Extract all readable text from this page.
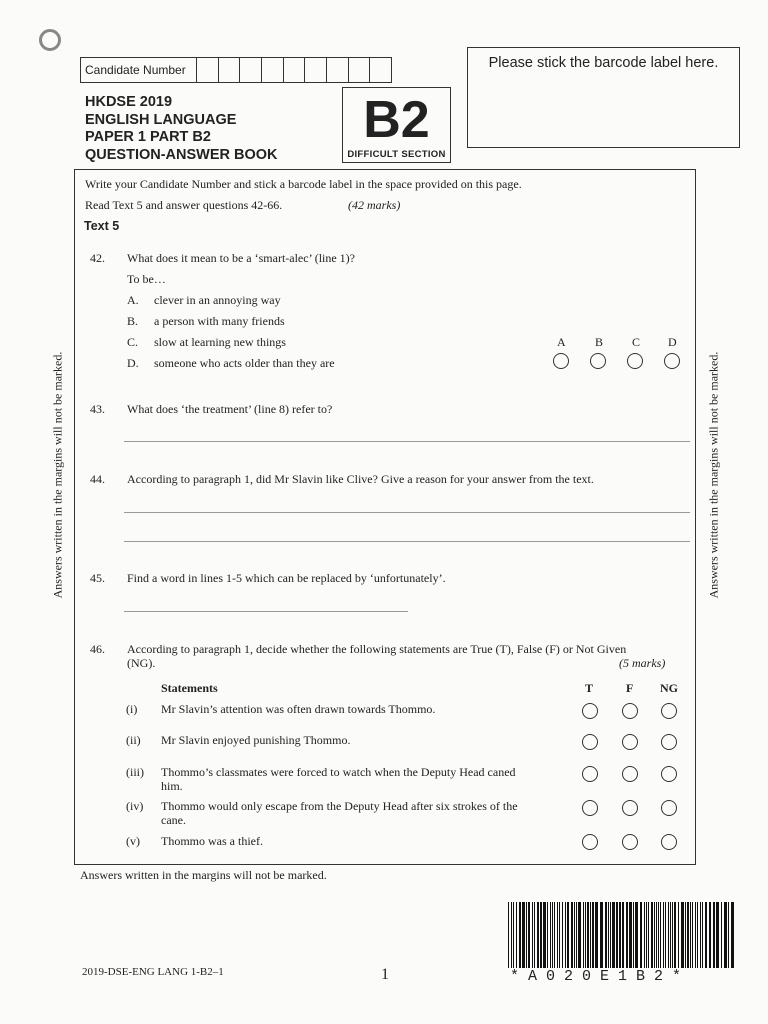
Candidate Number	Please stick the barcode label here.
HKDSE 2019
ENGLISH LANGUAGE
PAPER 1 PART B2
QUESTION-ANSWER BOOK
B2
DIFFICULT SECTION
Write your Candidate Number and stick a barcode label in the space provided on this page.
Read Text 5 and answer questions 42-66.	(42 marks)
Text 5
42. What does it mean to be a ‘smart-alec’ (line 1)?
To be…
A. clever in an annoying way
B. a person with many friends
C. slow at learning new things
D. someone who acts older than they are
A B C D
43. What does ‘the treatment’ (line 8) refer to?
44. According to paragraph 1, did Mr Slavin like Clive? Give a reason for your answer from the text.
45. Find a word in lines 1-5 which can be replaced by ‘unfortunately’.
46. According to paragraph 1, decide whether the following statements are True (T), False (F) or Not Given
(NG).	(5 marks)
Statements	T	F NG
(i) Mr Slavin’s attention was often drawn towards Thommo.
(ii) Mr Slavin enjoyed punishing Thommo.
(iii) Thommo’s classmates were forced to watch when the Deputy Head caned
him.
(iv) Thommo would only escape from the Deputy Head after six strokes of the
cane.
(v) Thommo was a thief.
Answers written in the margins will not be marked.	Answers written in the margins will not be marked.
Answers written in the margins will not be marked.
2019-DSE-ENG LANG 1-B2–1	1	*A020E1B2*
